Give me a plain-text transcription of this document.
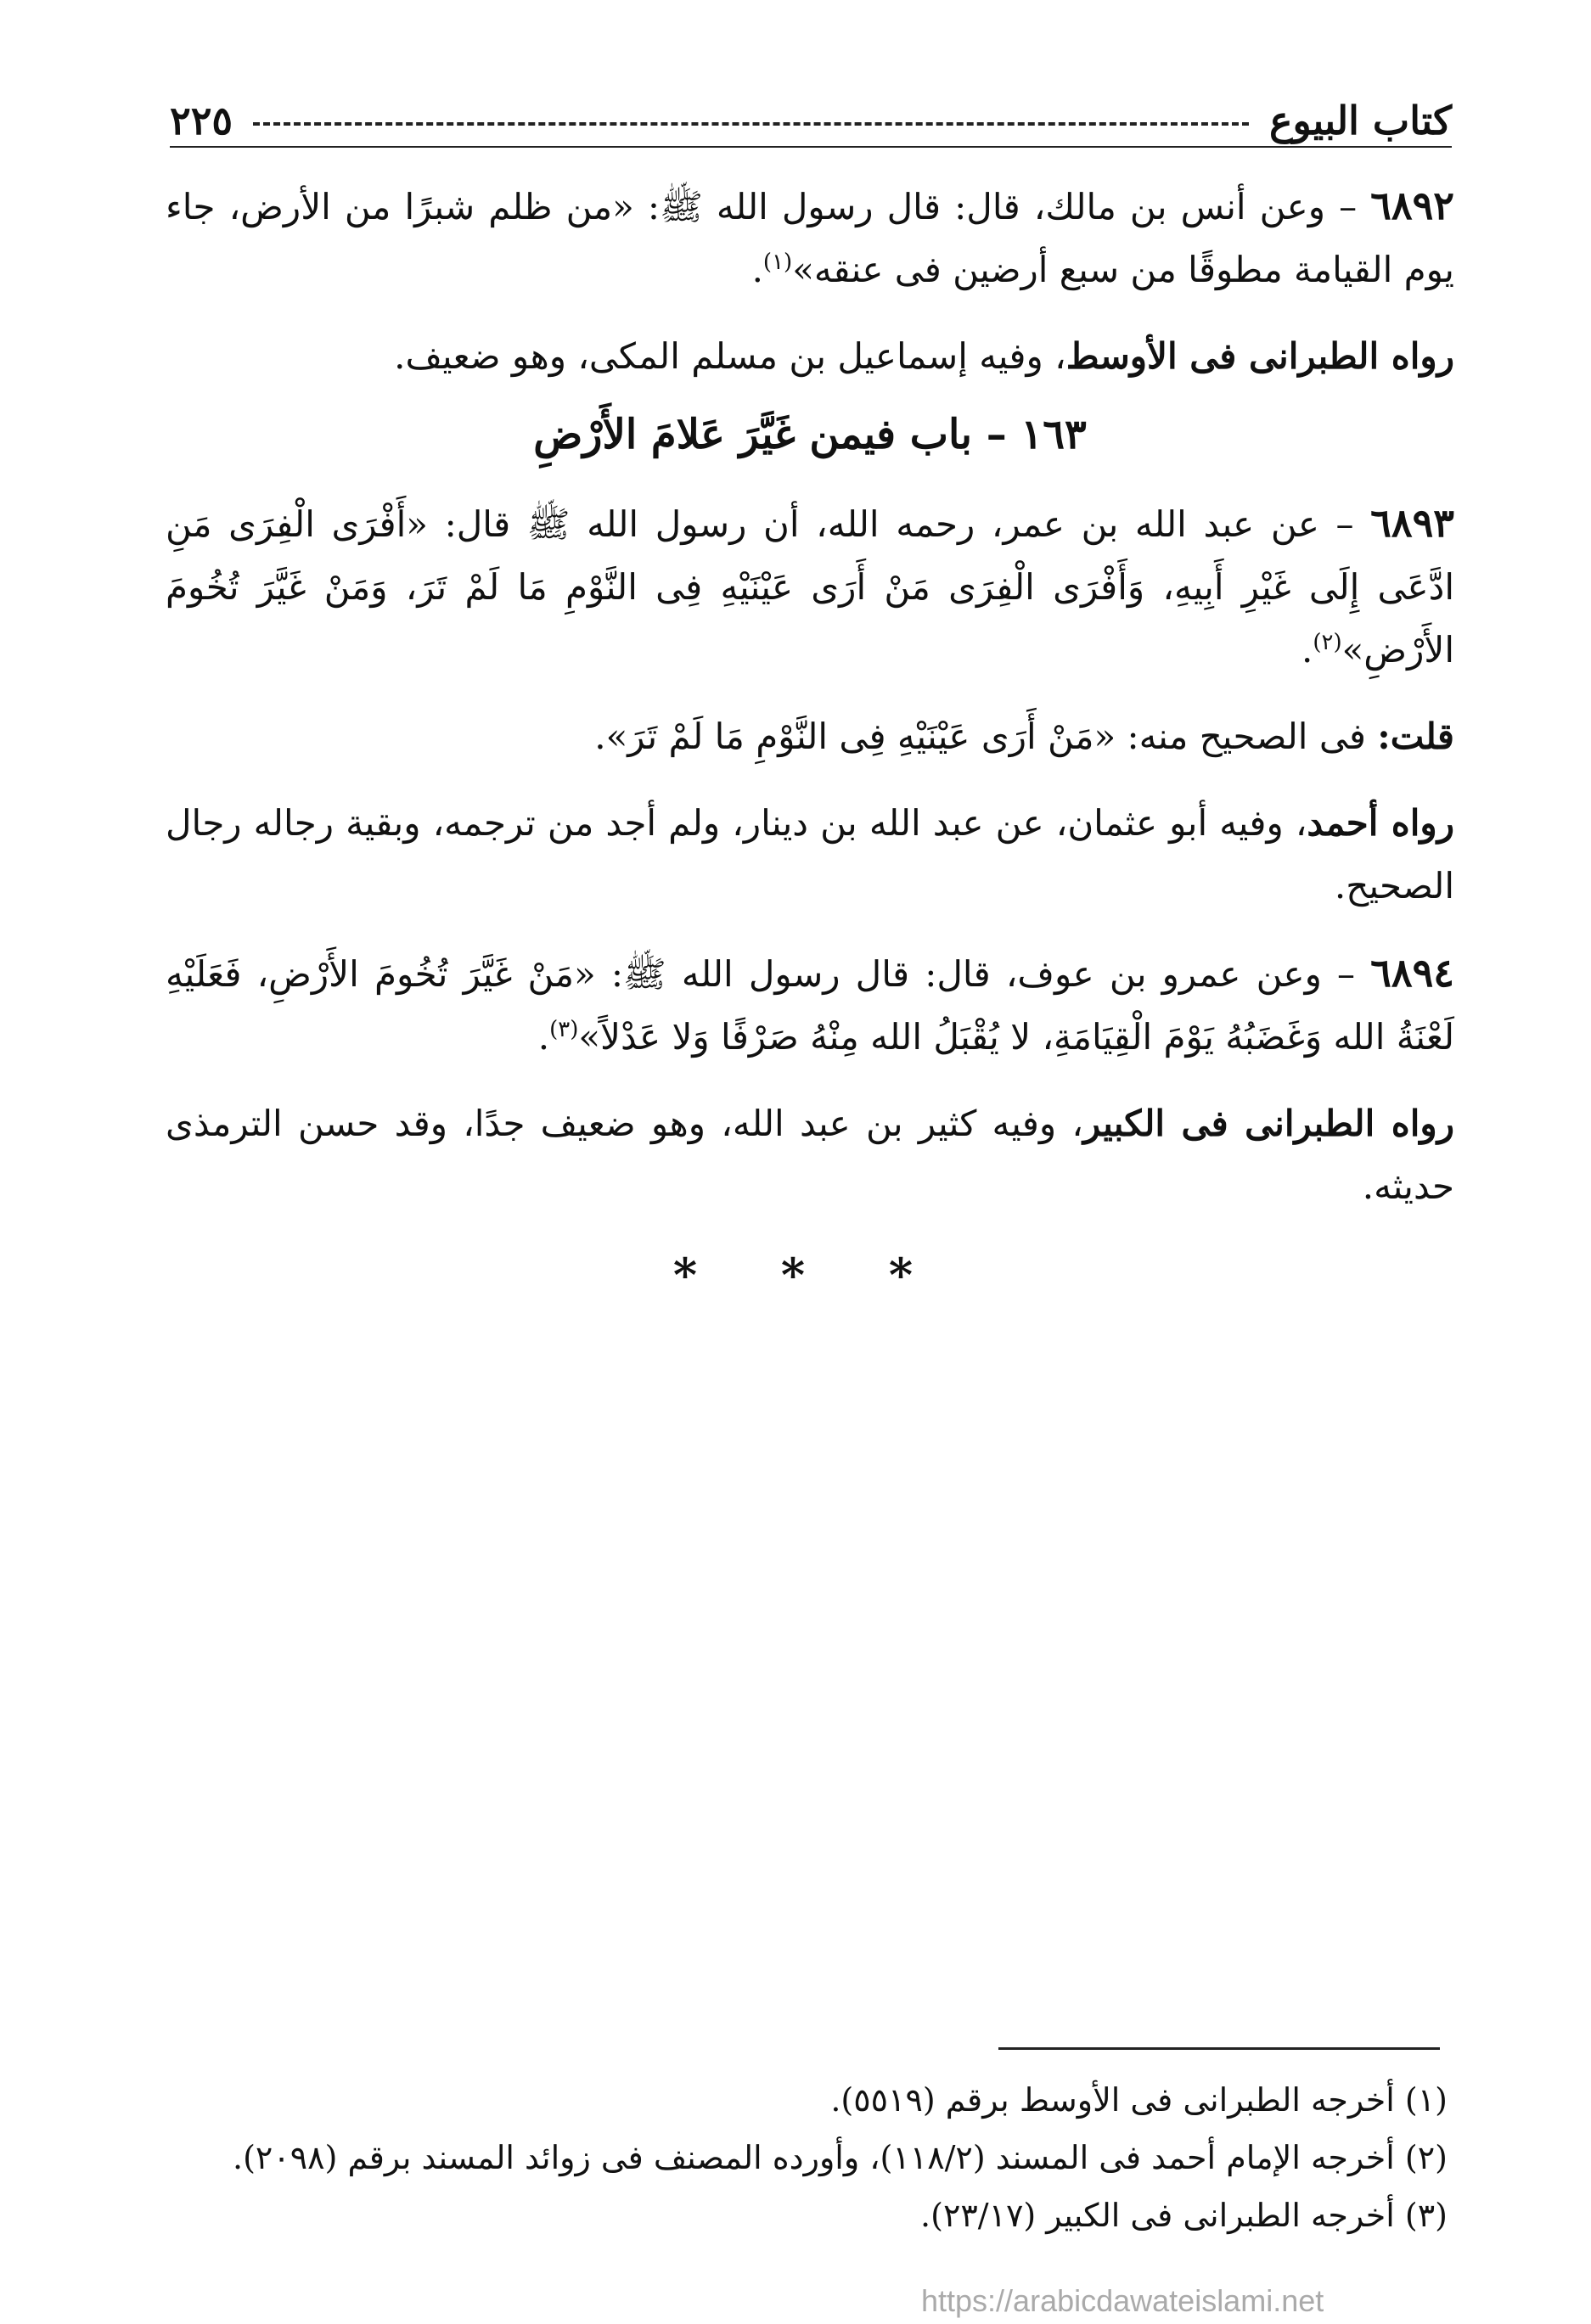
كتاب البيوع
٢٢٥

٦٨٩٢ – وعن أنس بن مالك، قال: قال رسول الله ﷺ: «من ظلم شبرًا من الأرض، جاء يوم القيامة مطوقًا من سبع أرضين فى عنقه»$^{(١)}$.

رواه الطبرانى فى الأوسط، وفيه إسماعيل بن مسلم المكى، وهو ضعيف.

١٦٣ – باب فيمن غَيَّرَ عَلامَ الأَرْضِ

٦٨٩٣ – عن عبد الله بن عمر، رحمه الله، أن رسول الله ﷺ قال: «أَفْرَى الْفِرَى مَنِ ادَّعَى إِلَى غَيْرِ أَبِيهِ، وَأَفْرَى الْفِرَى مَنْ أَرَى عَيْنَيْهِ فِى النَّوْمِ مَا لَمْ تَرَ، وَمَنْ غَيَّرَ تُخُومَ الأَرْضِ»$^{(٢)}$.

قلت: فى الصحيح منه: «مَنْ أَرَى عَيْنَيْهِ فِى النَّوْمِ مَا لَمْ تَرَ».

رواه أحمد، وفيه أبو عثمان، عن عبد الله بن دينار، ولم أجد من ترجمه، وبقية رجاله رجال الصحيح.

٦٨٩٤ – وعن عمرو بن عوف، قال: قال رسول الله ﷺ: «مَنْ غَيَّرَ تُخُومَ الأَرْضِ، فَعَلَيْهِ لَعْنَةُ الله وَغَضَبُهُ يَوْمَ الْقِيَامَةِ، لا يُقْبَلُ الله مِنْهُ صَرْفًا وَلا عَدْلاً»$^{(٣)}$.

رواه الطبرانى فى الكبير، وفيه كثير بن عبد الله، وهو ضعيف جدًا، وقد حسن الترمذى حديثه.

* * *
(١) أخرجه الطبرانى فى الأوسط برقم (٥٥١٩).
(٢) أخرجه الإمام أحمد فى المسند (١١٨/٢)، وأورده المصنف فى زوائد المسند برقم (٢٠٩٨).
(٣) أخرجه الطبرانى فى الكبير (٢٣/١٧).
https://arabicdawateislami.net
